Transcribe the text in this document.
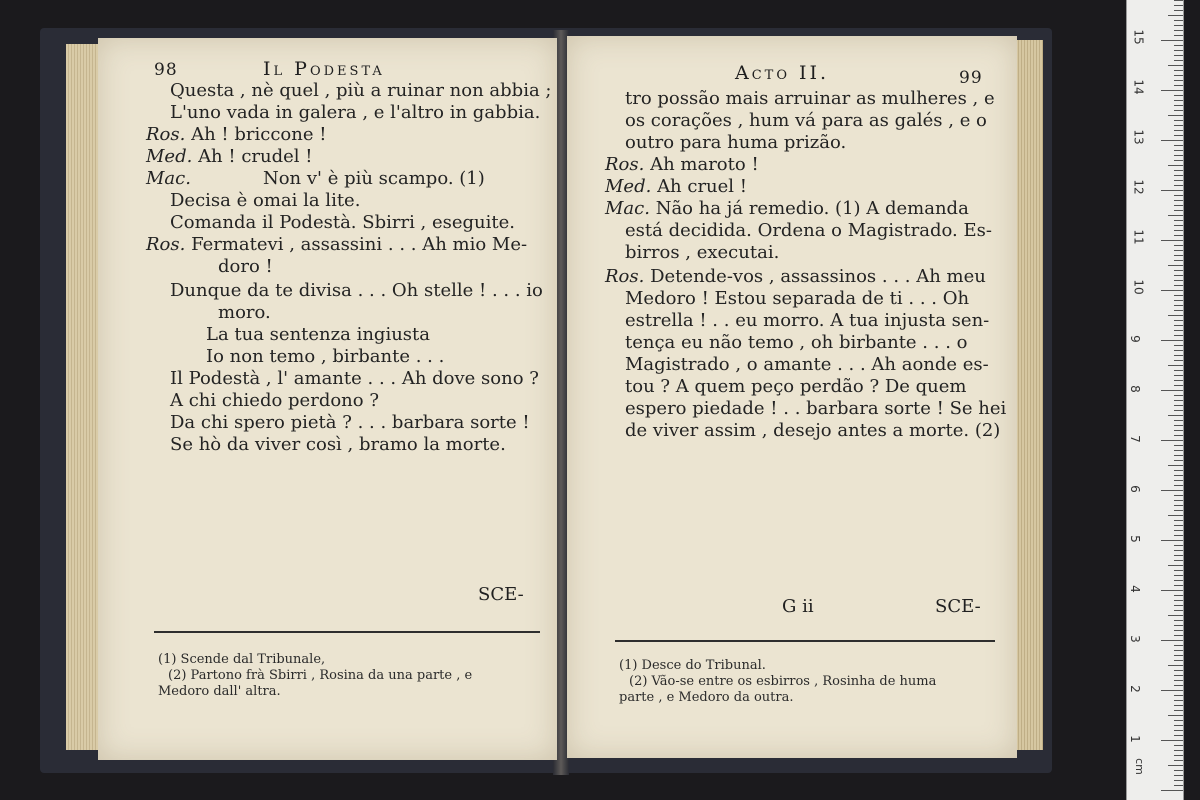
98	Il Podesta
Questa , nè quel , più a ruinar non abbia ;
L'uno vada in galera , e l'altro in gabbia.
Ros. Ah ! briccone !
Med. Ah ! crudel !
Mac.	Non v' è più scampo. (1)
Decisa è omai la lite.
Comanda il Podestà. Sbirri , eseguite.
Ros. Fermatevi , assassini . . . Ah mio Me-
doro !
Dunque da te divisa . . . Oh stelle ! . . . io
moro.
La tua sentenza ingiusta
Io non temo , birbante . . .
Il Podestà , l' amante . . . Ah dove sono ?
A chi chiedo perdono ?
Da chi spero pietà ? . . . barbara sorte !
Se hò da viver così , bramo la morte.
SCE-
(1) Scende dal Tribunale,
(2) Partono frà Sbirri , Rosina da una parte , e
Medoro dall' altra.
Acto II.	99
tro possão mais arruinar as mulheres , e
os corações , hum vá para as galés , e o
outro para huma prizão.
Ros. Ah maroto !
Med. Ah cruel !
Mac. Não ha já remedio. (1) A demanda
está decidida. Ordena o Magistrado. Es-
birros , executai.
Ros. Detende-vos , assassinos . . . Ah meu
Medoro ! Estou separada de ti . . . Oh
estrella ! . . eu morro. A tua injusta sen-
tença eu não temo , oh birbante . . . o
Magistrado , o amante . . . Ah aonde es-
tou ? A quem peço perdão ? De quem
espero piedade ! . . barbara sorte ! Se hei
de viver assim , desejo antes a morte. (2)
G ii	SCE-
(1) Desce do Tribunal.
(2) Vão-se entre os esbirros , Rosinha de huma
parte , e Medoro da outra.
1
2
3
4
5
6
7
8
9
10
11
12
13
14
15
cm
